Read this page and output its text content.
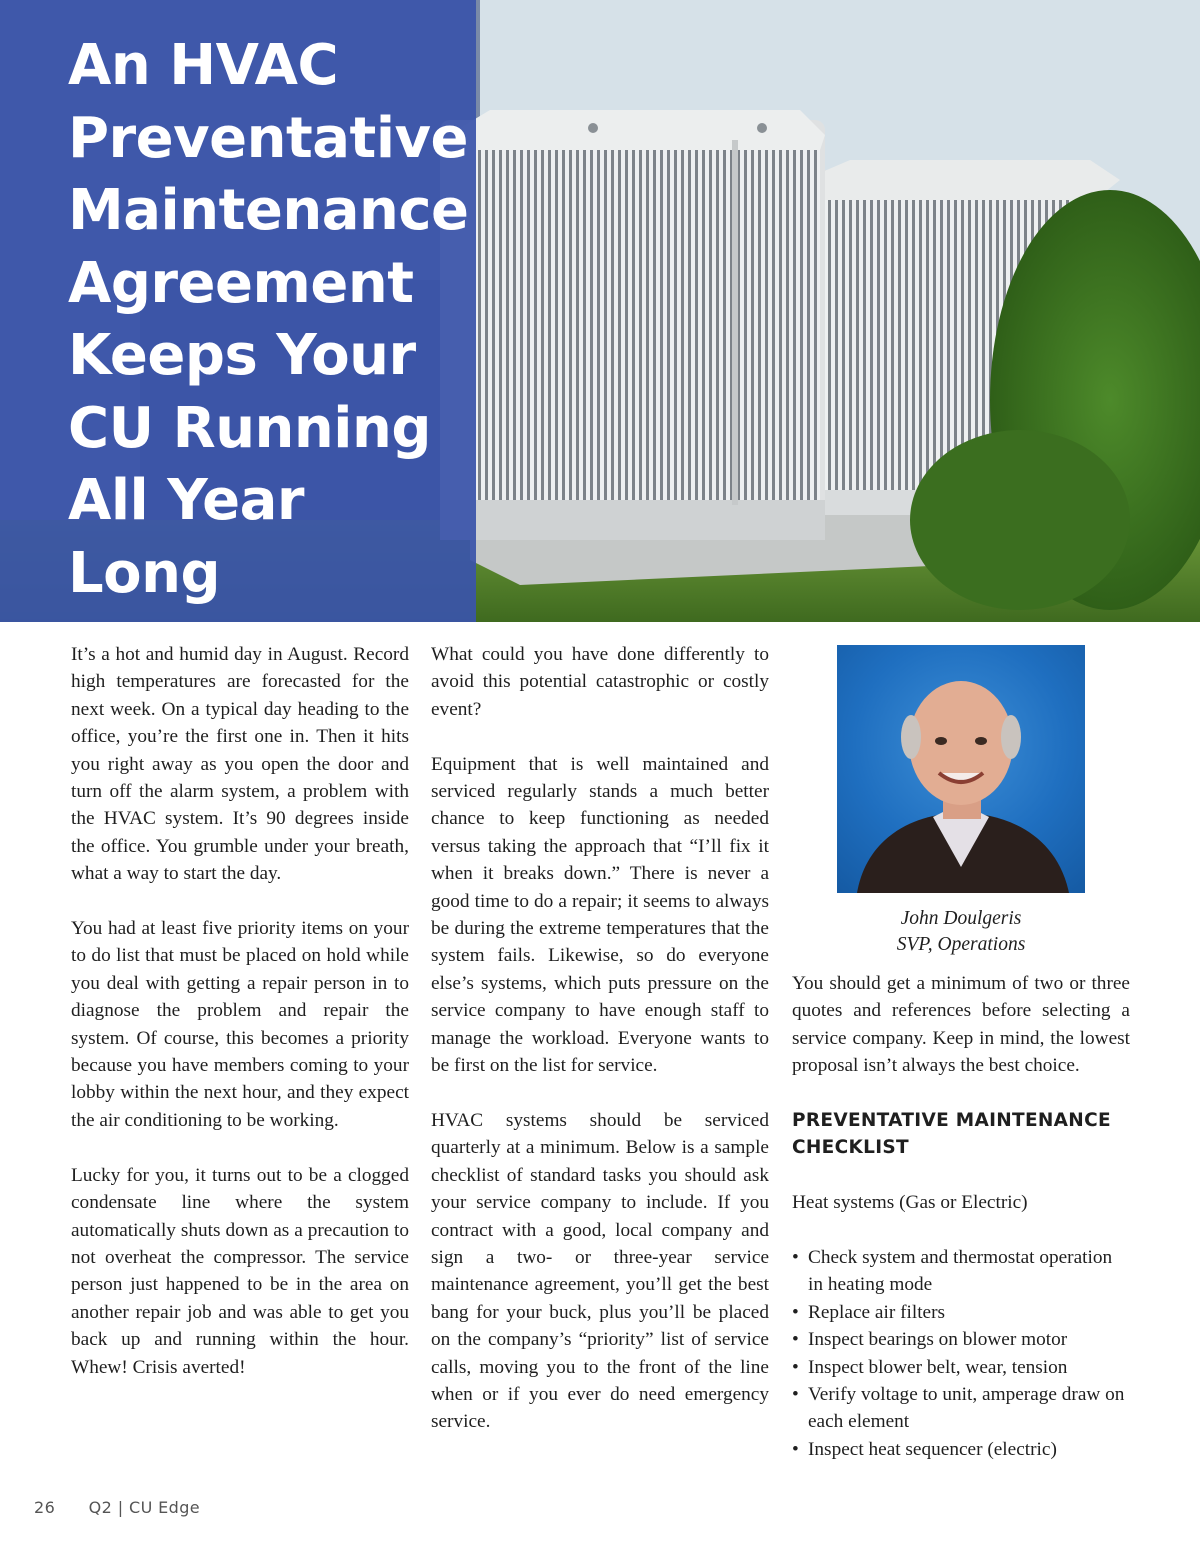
An HVAC Preventative Maintenance Agreement Keeps Your CU Running All Year Long

It’s a hot and humid day in August. Record high temperatures are forecasted for the next week. On a typical day heading to the office, you’re the first one in. Then it hits you right away as you open the door and turn off the alarm system, a problem with the HVAC system. It’s 90 degrees inside the office. You grumble under your breath, what a way to start the day.

You had at least five priority items on your to do list that must be placed on hold while you deal with getting a repair person in to diagnose the problem and repair the system. Of course, this becomes a priority because you have members coming to your lobby within the next hour, and they expect the air conditioning to be working.

Lucky for you, it turns out to be a clogged condensate line where the system automatically shuts down as a precaution to not overheat the compressor. The service person just happened to be in the area on another repair job and was able to get you back up and running within the hour. Whew! Crisis averted!

What could you have done differently to avoid this potential catastrophic or costly event?

Equipment that is well maintained and serviced regularly stands a much better chance to keep functioning as needed versus taking the approach that “I’ll fix it when it breaks down.” There is never a good time to do a repair; it seems to always be during the extreme temperatures that the system fails. Likewise, so do everyone else’s systems, which puts pressure on the service company to have enough staff to manage the workload. Everyone wants to be first on the list for service.

HVAC systems should be serviced quarterly at a minimum. Below is a sample checklist of standard tasks you should ask your service company to include. If you contract with a good, local company and sign a two- or three-year service maintenance agreement, you’ll get the best bang for your buck, plus you’ll be placed on the company’s “priority” list of service calls, moving you to the front of the line when or if you ever do need emergency service.

John Doulgeris
SVP, Operations

You should get a minimum of two or three quotes and references before selecting a service company. Keep in mind, the lowest proposal isn’t always the best choice.

PREVENTATIVE MAINTENANCE CHECKLIST

Heat systems (Gas or Electric)

• Check system and thermostat operation in heating mode
• Replace air filters
• Inspect bearings on blower motor
• Inspect blower belt, wear, tension
• Verify voltage to unit, amperage draw on each element
• Inspect heat sequencer (electric)
26 Q2 | CU Edge
